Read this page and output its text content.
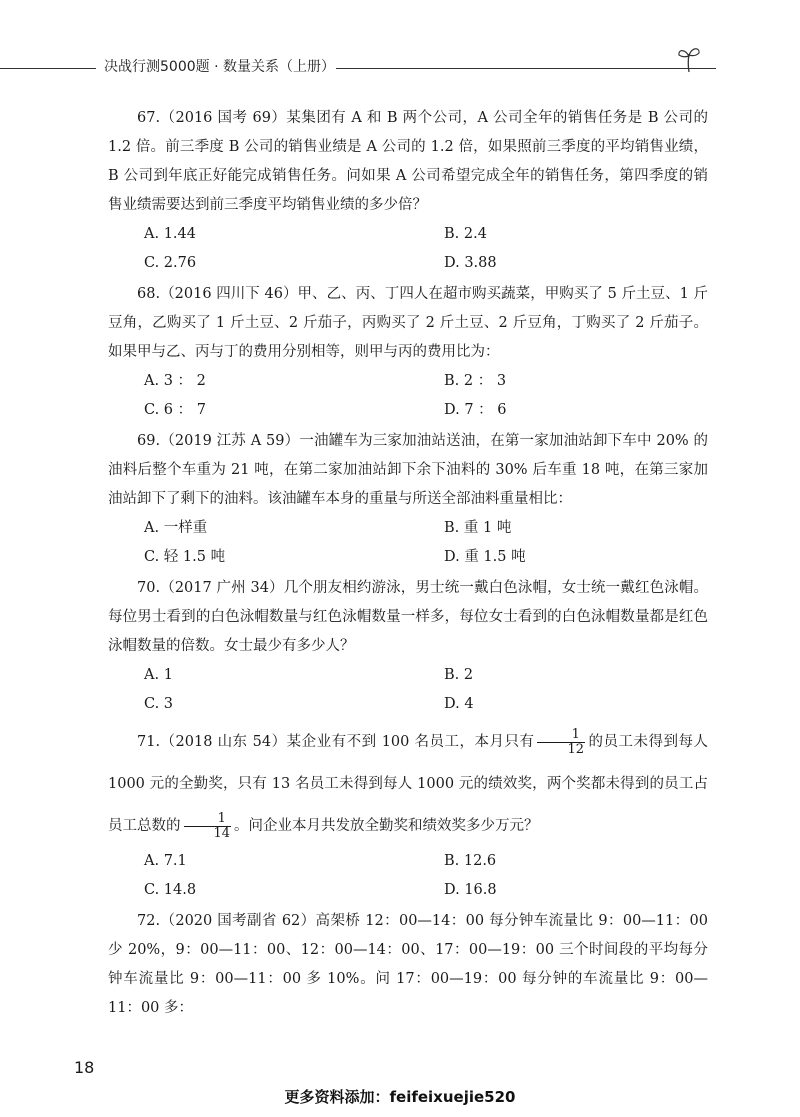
决战行测5000题 · 数量关系（上册）

67.（2016 国考 69）某集团有 A 和 B 两个公司，A 公司全年的销售任务是 B 公司的 1.2 倍。前三季度 B 公司的销售业绩是 A 公司的 1.2 倍，如果照前三季度的平均销售业绩，B 公司到年底正好能完成销售任务。问如果 A 公司希望完成全年的销售任务，第四季度的销售业绩需要达到前三季度平均销售业绩的多少倍？

A. 1.44	B. 2.4
C. 2.76	D. 3.88

68.（2016 四川下 46）甲、乙、丙、丁四人在超市购买蔬菜，甲购买了 5 斤土豆、1 斤豆角，乙购买了 1 斤土豆、2 斤茄子，丙购买了 2 斤土豆、2 斤豆角，丁购买了 2 斤茄子。如果甲与乙、丙与丁的费用分别相等，则甲与丙的费用比为：

A. 3 ： 2	B. 2 ： 3
C. 6 ： 7	D. 7 ： 6

69.（2019 江苏 A 59）一油罐车为三家加油站送油，在第一家加油站卸下车中 20% 的油料后整个车重为 21 吨，在第二家加油站卸下余下油料的 30% 后车重 18 吨，在第三家加油站卸下了剩下的油料。该油罐车本身的重量与所送全部油料重量相比：

A. 一样重	B. 重 1 吨
C. 轻 1.5 吨	D. 重 1.5 吨

70.（2017 广州 34）几个朋友相约游泳，男士统一戴白色泳帽，女士统一戴红色泳帽。每位男士看到的白色泳帽数量与红色泳帽数量一样多，每位女士看到的白色泳帽数量都是红色泳帽数量的倍数。女士最少有多少人？

A. 1	B. 2
C. 3	D. 4

71.（2018 山东 54）某企业有不到 100 名员工，本月只有 $\frac{1}{12}$ 的员工未得到每人 1000 元的全勤奖，只有 13 名员工未得到每人 1000 元的绩效奖，两个奖都未得到的员工占员工总数的 $\frac{1}{14}$ 。问企业本月共发放全勤奖和绩效奖多少万元？

A. 7.1	B. 12.6
C. 14.8	D. 16.8

72.（2020 国考副省 62）高架桥 12：00—14：00 每分钟车流量比 9：00—11：00 少 20%，9：00—11：00、12：00—14：00、17：00—19：00 三个时间段的平均每分钟车流量比 9：00—11：00 多 10%。问 17：00—19：00 每分钟的车流量比 9：00—11：00 多：

18
更多资料添加：feifeixuejie520
